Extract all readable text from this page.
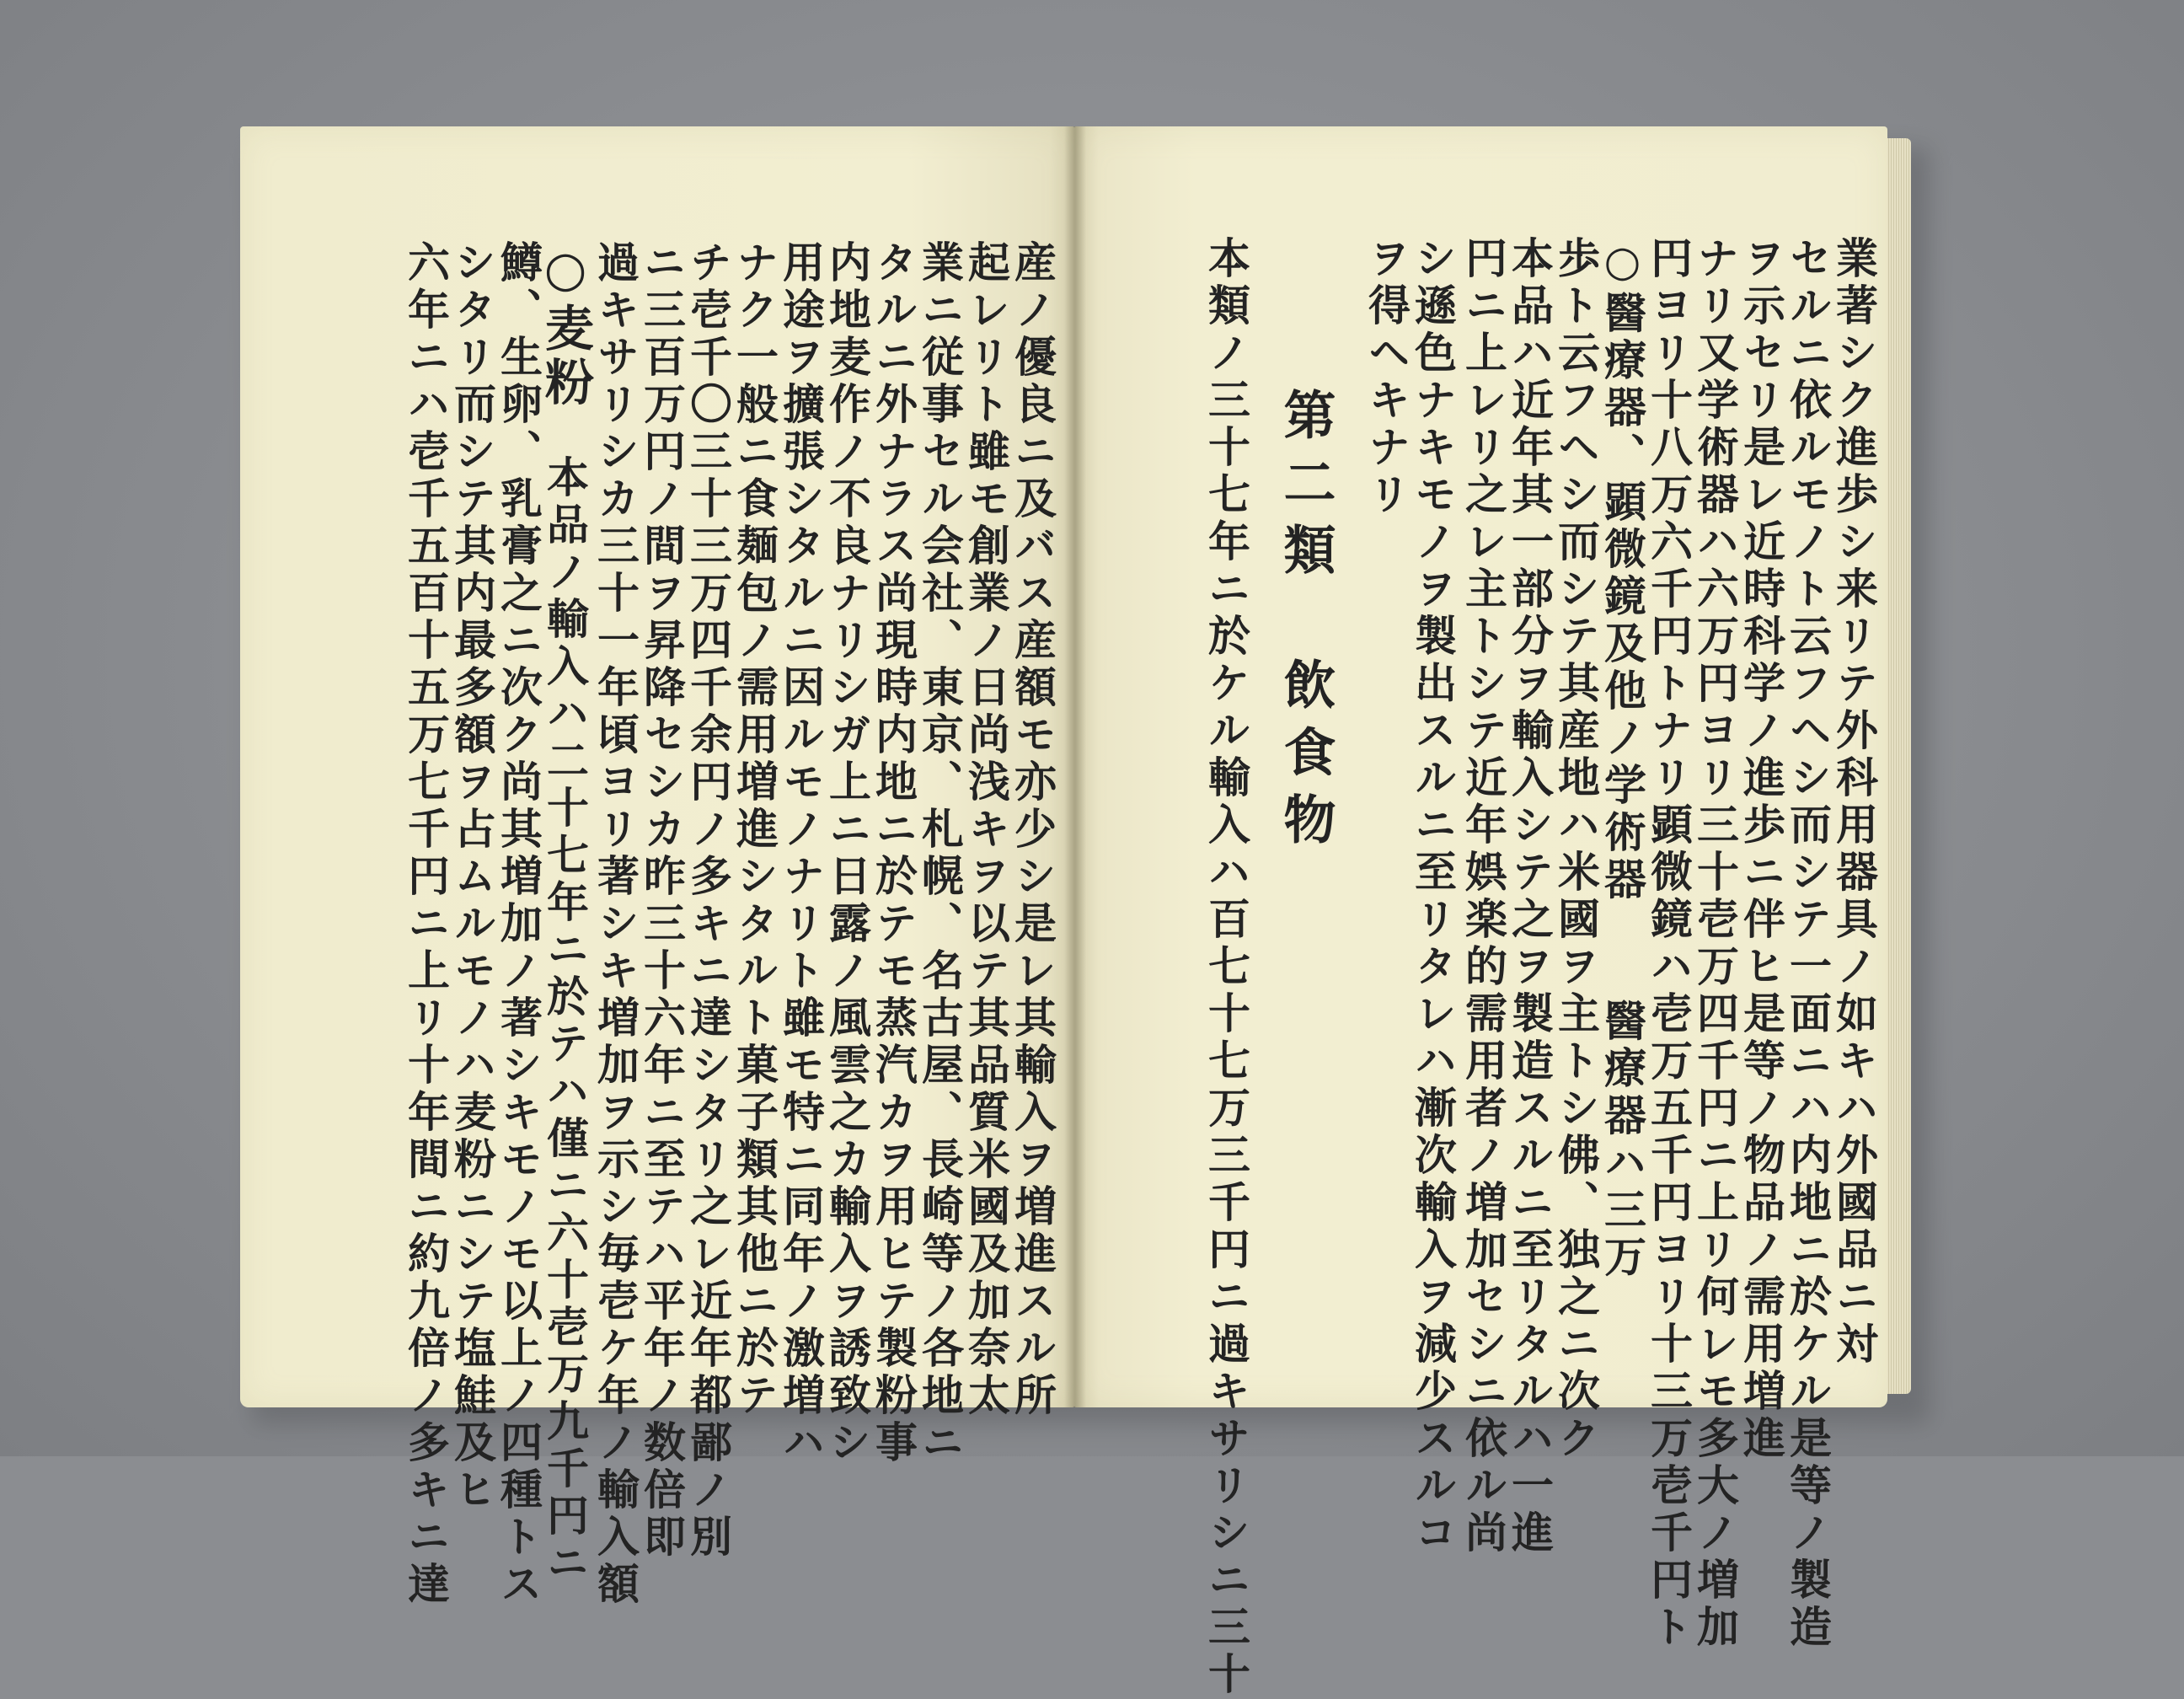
六年ニハ壱千五百十五万七千円ニ上リ十年間ニ約九倍ノ多キニ達
シタリ而シテ其内最多額ヲ占ムルモノハ麦粉ニシテ塩鮭及ヒ
鱒、生卵、乳膏之ニ次ク尚其増加ノ著シキモノモ以上ノ四種トス
○麦粉
本品ノ輸入ハ二十七年ニ於テハ僅ニ六十壱万九千円ニ 過キサリシカ三十一年頃ヨリ著シキ増加ヲ示シ毎壱ケ年ノ輸入額
ニ三百万円ノ間ヲ昇降セシカ昨三十六年ニ至テハ平年ノ数倍即
チ壱千〇三十三万四千余円ノ多キニ達シタリ之レ近年都鄙ノ別
ナク一般ニ食麺包ノ需用増進シタルト菓子類其他ニ於テ
用途ヲ擴張シタルニ因ルモノナリト雖モ特ニ同年ノ激増ハ
内地麦作ノ不良ナリシガ上ニ日露ノ風雲之カ輸入ヲ誘致シ
タルニ外ナラス尚現時内地ニ於テモ蒸汽カヲ用ヒテ製粉事
業ニ従事セル会社、東京、札幌、名古屋、長崎等ノ各地ニ
起レリト雖モ創業ノ日尚浅キヲ以テ其品質米國及加奈太
産ノ優良ニ及バス産額モ亦少シ是レ其輸入ヲ増進スル所	円ニ上レリ之レ主トシテ近年娯楽的需用者ノ増加セシニ依ル尚
本品ハ近年其一部分ヲ輸入シテ之ヲ製造スルニ至リタルハ一進
歩ト云フヘシ而シテ其産地ハ米國ヲ主トシ佛、独之ニ次ク
○醫療器、顕微鏡及他ノ学術器　　醫療器ハ三万
円ヨリ十八万六千円トナリ顕微鏡ハ壱万五千円ヨリ十三万壱千円ト
ナリ又学術器ハ六万円ヨリ三十壱万四千円ニ上リ何レモ多大ノ増加
ヲ示セリ是レ近時科学ノ進歩ニ伴ヒ是等ノ物品ノ需用増進
セルニ依ルモノト云フヘシ而シテ一面ニハ内地ニ於ケル是等ノ製造
業著シク進歩シ来リテ外科用器具ノ如キハ外國品ニ対
シ遜色ナキモノヲ製出スルニ至リタレハ漸次輸入ヲ減少スルコ
ヲ得ヘキナリ
第二類　飲食物
本類ノ三十七年ニ於ケル輸入ハ百七十七万三千円ニ過キサリシニ三十
